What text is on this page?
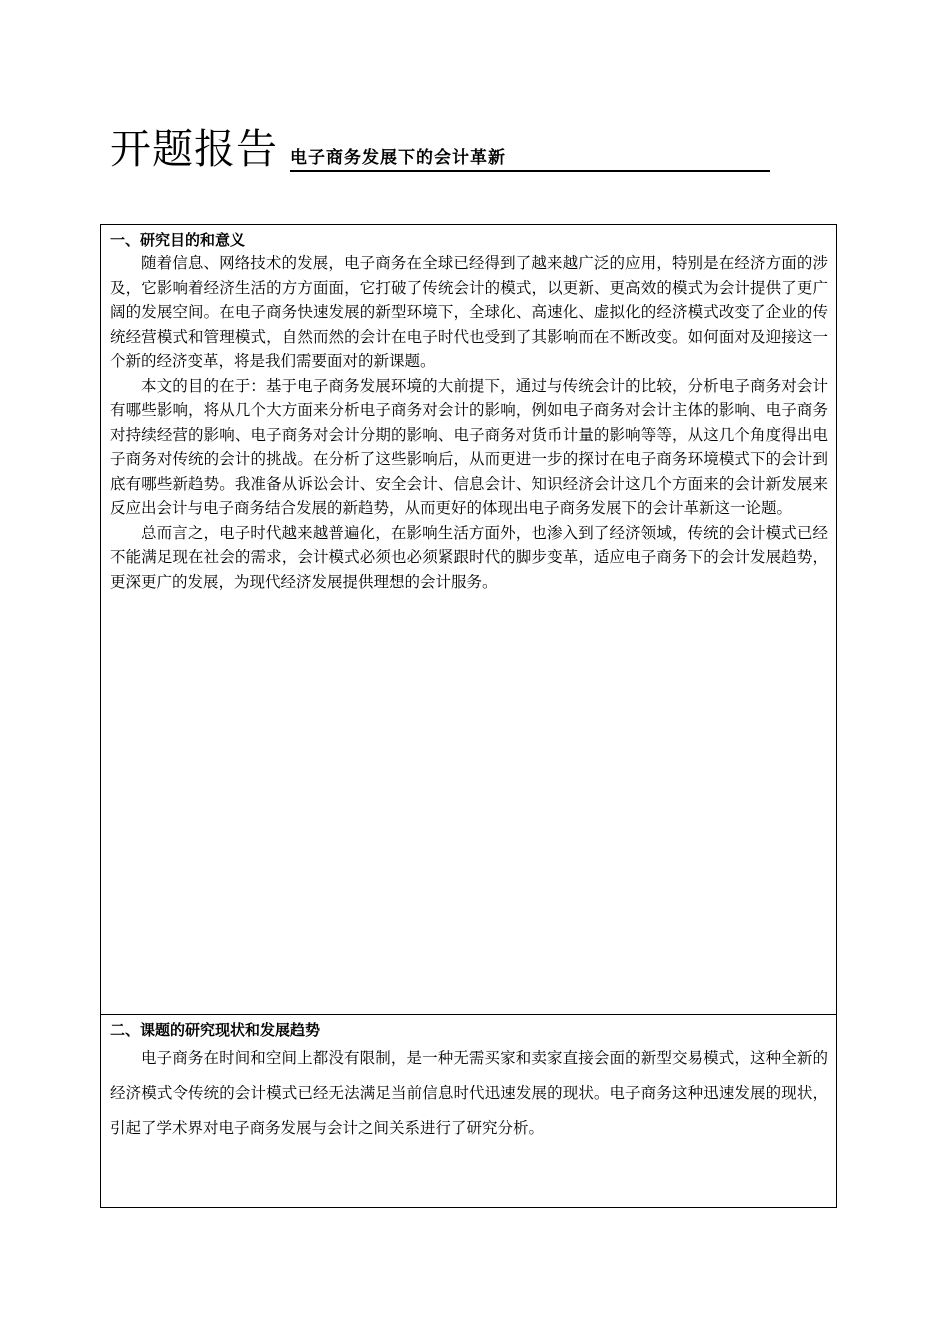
开题报告 电子商务发展下的会计革新

一、研究目的和意义

随着信息、网络技术的发展，电子商务在全球已经得到了越来越广泛的应用，特别是在经济方面的涉及，它影响着经济生活的方方面面，它打破了传统会计的模式，以更新、更高效的模式为会计提供了更广阔的发展空间。在电子商务快速发展的新型环境下，全球化、高速化、虚拟化的经济模式改变了企业的传统经营模式和管理模式，自然而然的会计在电子时代也受到了其影响而在不断改变。如何面对及迎接这一个新的经济变革，将是我们需要面对的新课题。

本文的目的在于：基于电子商务发展环境的大前提下，通过与传统会计的比较，分析电子商务对会计有哪些影响，将从几个大方面来分析电子商务对会计的影响，例如电子商务对会计主体的影响、电子商务对持续经营的影响、电子商务对会计分期的影响、电子商务对货币计量的影响等等，从这几个角度得出电子商务对传统的会计的挑战。在分析了这些影响后，从而更进一步的探讨在电子商务环境模式下的会计到底有哪些新趋势。我准备从诉讼会计、安全会计、信息会计、知识经济会计这几个方面来的会计新发展来反应出会计与电子商务结合发展的新趋势，从而更好的体现出电子商务发展下的会计革新这一论题。

总而言之，电子时代越来越普遍化，在影响生活方面外，也渗入到了经济领域，传统的会计模式已经不能满足现在社会的需求，会计模式必须也必须紧跟时代的脚步变革，适应电子商务下的会计发展趋势，更深更广的发展，为现代经济发展提供理想的会计服务。

二、课题的研究现状和发展趋势

电子商务在时间和空间上都没有限制，是一种无需买家和卖家直接会面的新型交易模式，这种全新的经济模式令传统的会计模式已经无法满足当前信息时代迅速发展的现状。电子商务这种迅速发展的现状，引起了学术界对电子商务发展与会计之间关系进行了研究分析。
